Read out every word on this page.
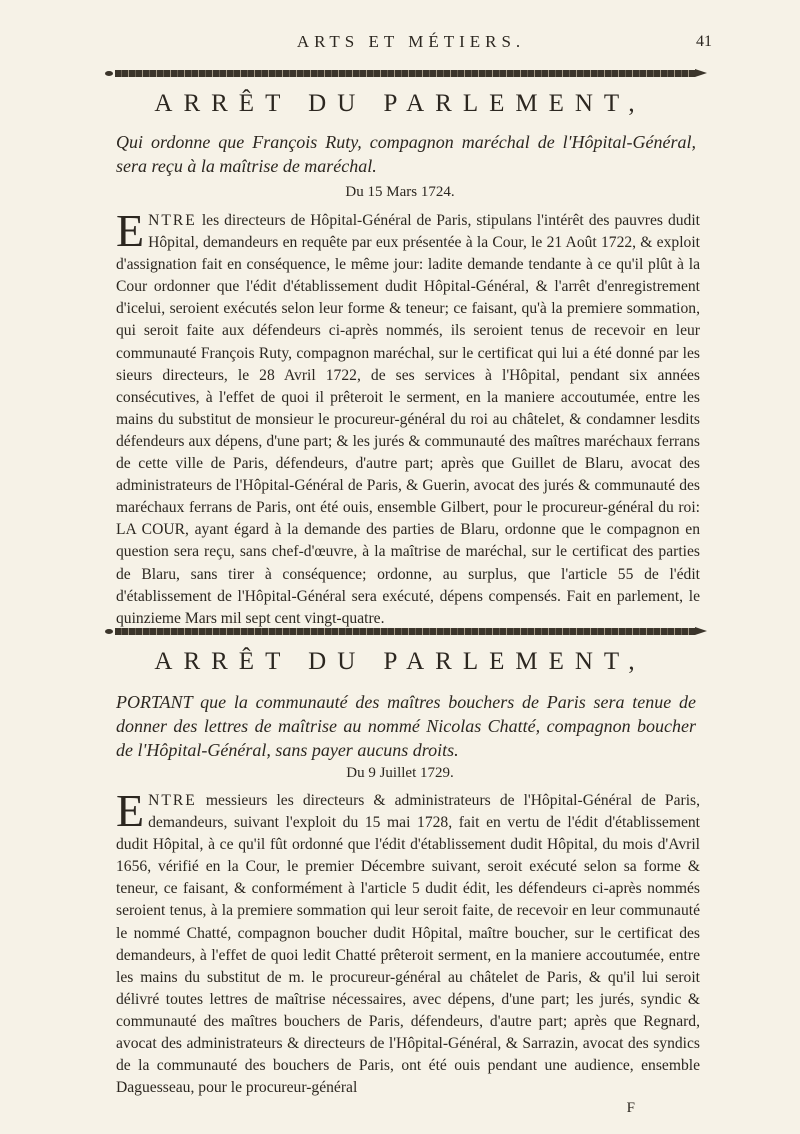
ARTS ET MÉTIERS.	41
ARRÊT DU PARLEMENT,
Qui ordonne que François Ruty, compagnon maréchal de l'Hôpital-Général, sera reçu à la maîtrise de maréchal.
Du 15 Mars 1724.
ENTRE les directeurs de Hôpital-Général de Paris, stipulans l'intérêt des pauvres dudit Hôpital, demandeurs en requête par eux présentée à la Cour, le 21 Août 1722, & exploit d'assignation fait en conséquence, le même jour: ladite demande tendante à ce qu'il plût à la Cour ordonner que l'édit d'établissement dudit Hôpital-Général, & l'arrêt d'enregistrement d'icelui, seroient exécutés selon leur forme & teneur; ce faisant, qu'à la premiere sommation, qui seroit faite aux défendeurs ci-après nommés, ils seroient tenus de recevoir en leur communauté François Ruty, compagnon maréchal, sur le certificat qui lui a été donné par les sieurs directeurs, le 28 Avril 1722, de ses services à l'Hôpital, pendant six années consécutives, à l'effet de quoi il prêteroit le serment, en la maniere accoutumée, entre les mains du substitut de monsieur le procureur-général du roi au châtelet, & condamner lesdits défendeurs aux dépens, d'une part; & les jurés & communauté des maîtres maréchaux ferrans de cette ville de Paris, défendeurs, d'autre part; après que Guillet de Blaru, avocat des administrateurs de l'Hôpital-Général de Paris, & Guerin, avocat des jurés & communauté des maréchaux ferrans de Paris, ont été ouis, ensemble Gilbert, pour le procureur-général du roi: LA COUR, ayant égard à la demande des parties de Blaru, ordonne que le compagnon en question sera reçu, sans chef-d'œuvre, à la maîtrise de maréchal, sur le certificat des parties de Blaru, sans tirer à conséquence; ordonne, au surplus, que l'article 55 de l'édit d'établissement de l'Hôpital-Général sera exécuté, dépens compensés. Fait en parlement, le quinzieme Mars mil sept cent vingt-quatre.
ARRÊT DU PARLEMENT,
PORTANT que la communauté des maîtres bouchers de Paris sera tenue de donner des lettres de maîtrise au nommé Nicolas Chatté, compagnon boucher de l'Hôpital-Général, sans payer aucuns droits.
Du 9 Juillet 1729.
ENTRE messieurs les directeurs & administrateurs de l'Hôpital-Général de Paris, demandeurs, suivant l'exploit du 15 mai 1728, fait en vertu de l'édit d'établissement dudit Hôpital, à ce qu'il fût ordonné que l'édit d'établissement dudit Hôpital, du mois d'Avril 1656, vérifié en la Cour, le premier Décembre suivant, seroit exécuté selon sa forme & teneur, ce faisant, & conformément à l'article 5 dudit édit, les défendeurs ci-après nommés seroient tenus, à la premiere sommation qui leur seroit faite, de recevoir en leur communauté le nommé Chatté, compagnon boucher dudit Hôpital, maître boucher, sur le certificat des demandeurs, à l'effet de quoi ledit Chatté prêteroit serment, en la maniere accoutumée, entre les mains du substitut de m. le procureur-général au châtelet de Paris, & qu'il lui seroit délivré toutes lettres de maîtrise nécessaires, avec dépens, d'une part; les jurés, syndic & communauté des maîtres bouchers de Paris, défendeurs, d'autre part; après que Regnard, avocat des administrateurs & directeurs de l'Hôpital-Général, & Sarrazin, avocat des syndics de la communauté des bouchers de Paris, ont été ouis pendant une audience, ensemble Daguesseau, pour le procureur-général
F
